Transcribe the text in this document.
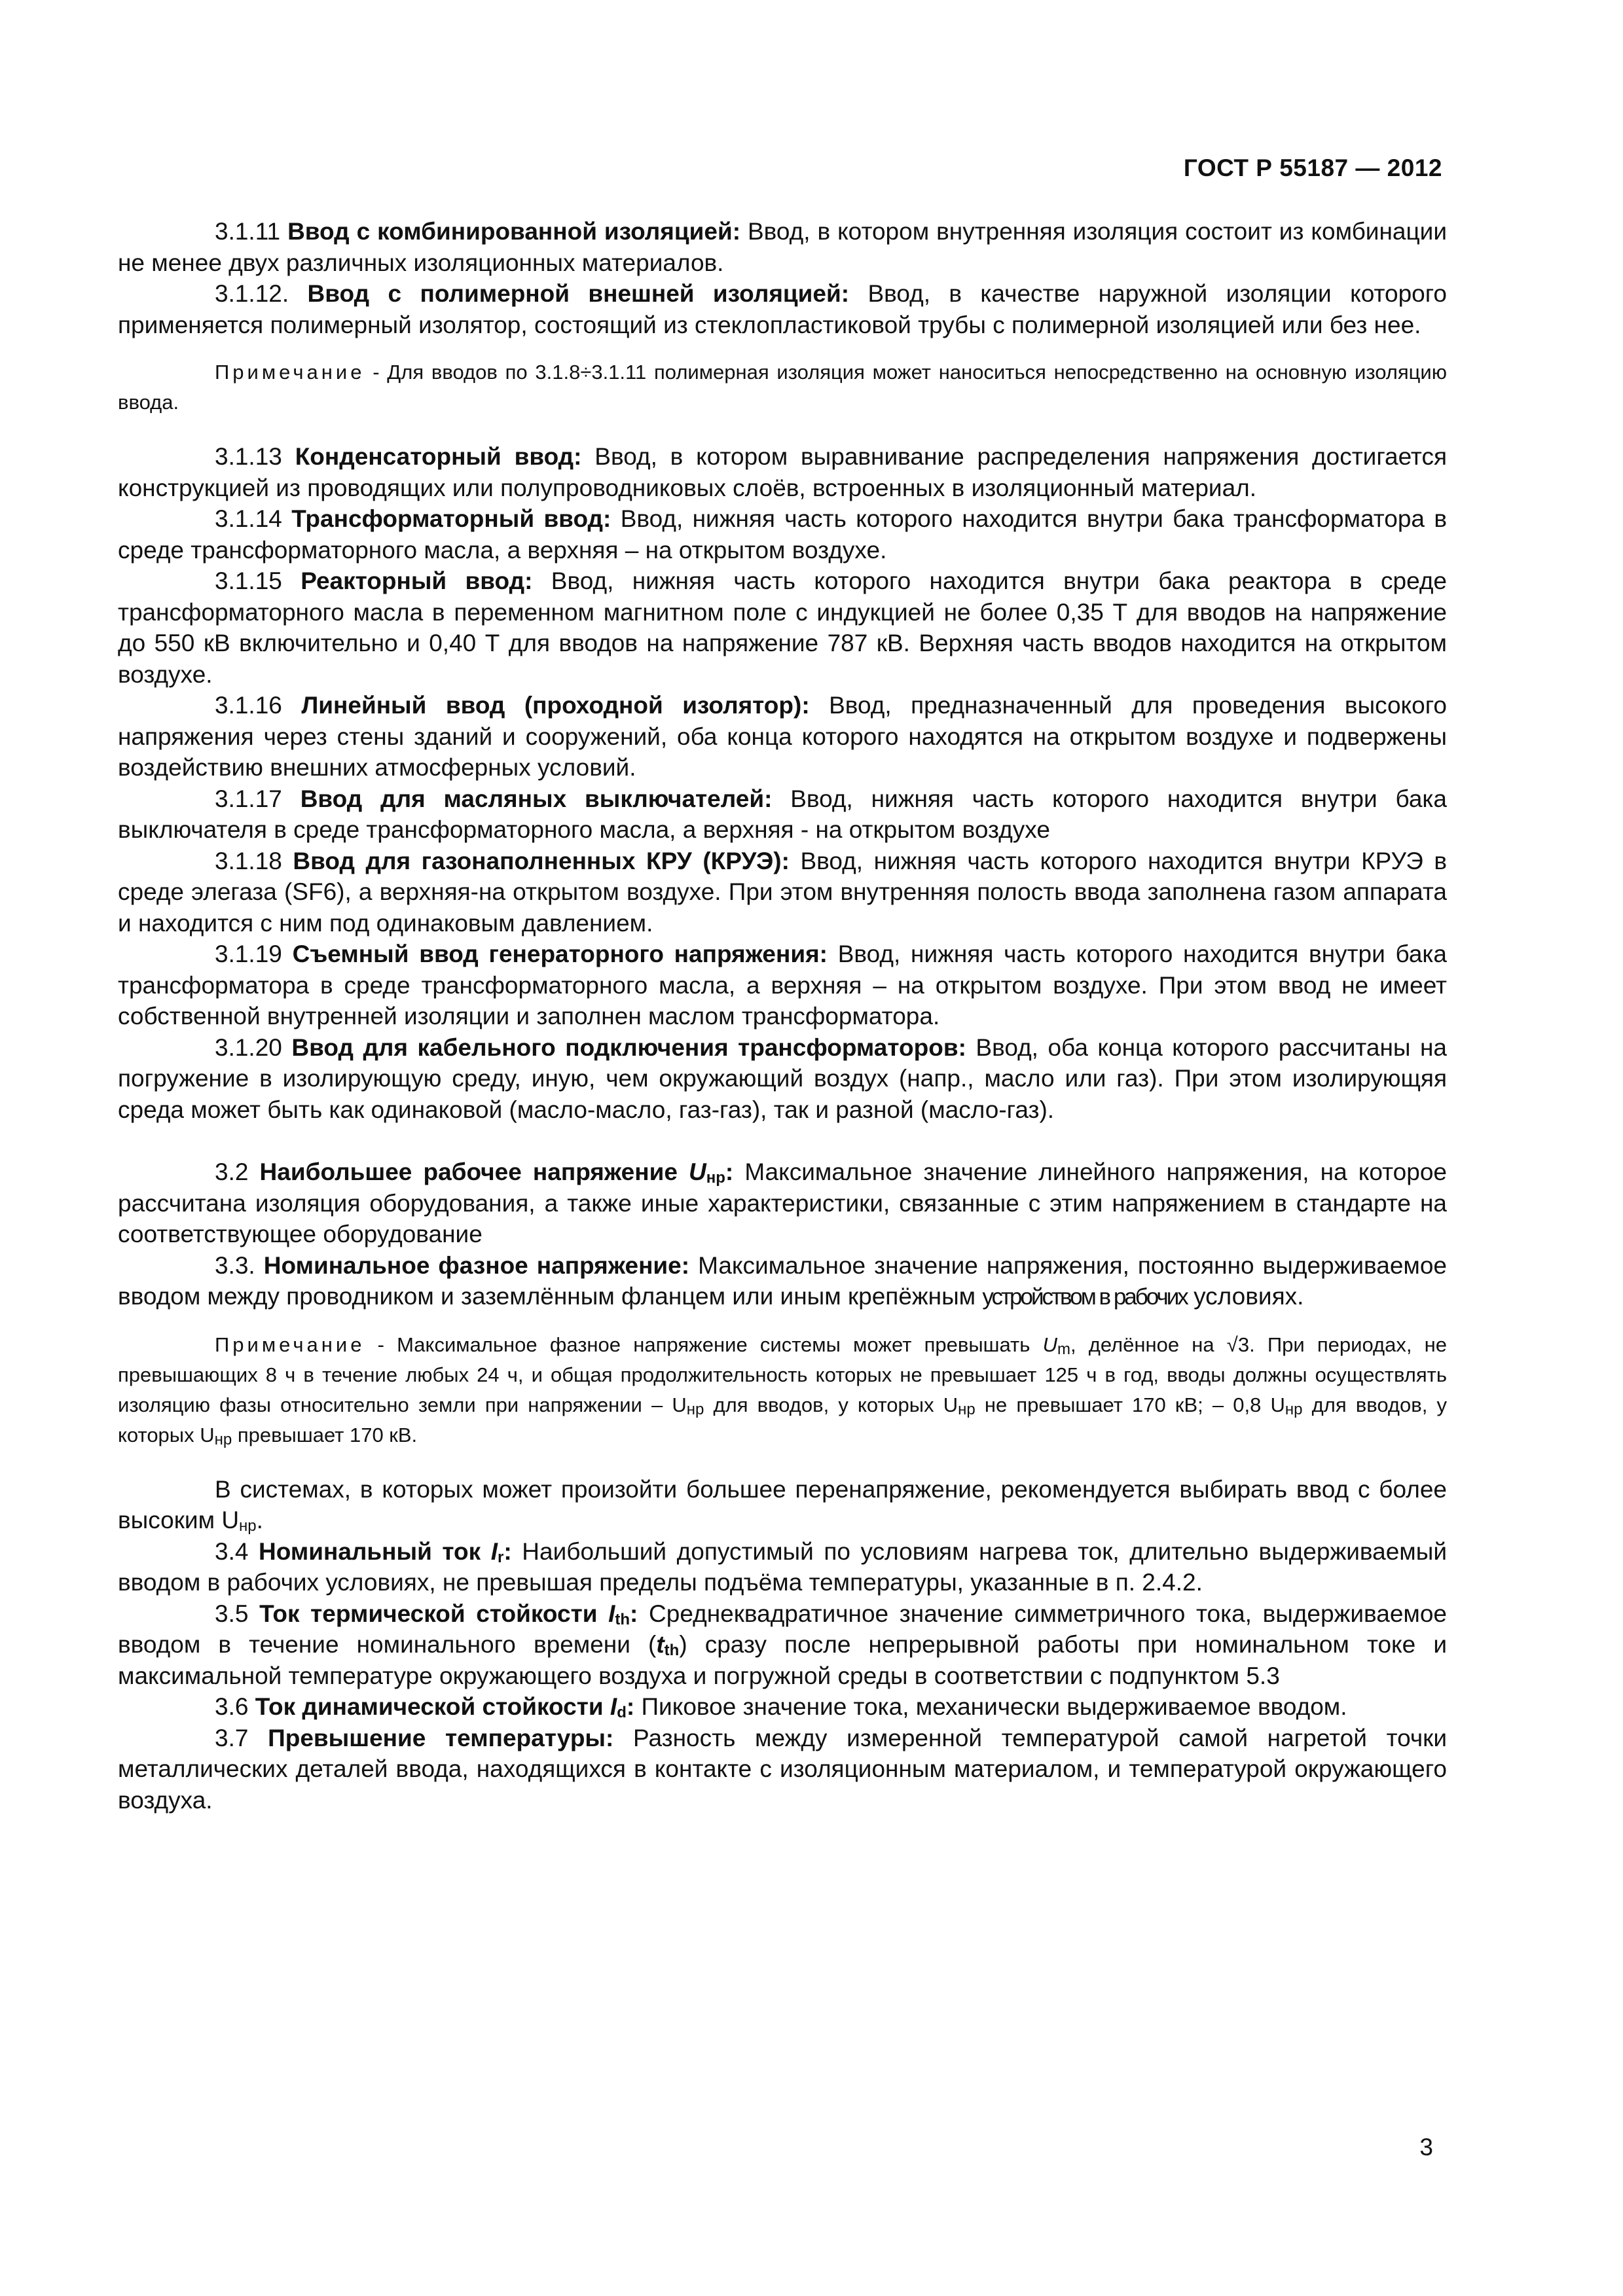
ГОСТ Р 55187 — 2012

3.1.11 Ввод с комбинированной изоляцией: Ввод, в котором внутренняя изоляция состоит из комбинации не менее двух различных изоляционных материалов.

3.1.12. Ввод с полимерной внешней изоляцией: Ввод, в качестве наружной изоляции которого применяется полимерный изолятор, состоящий из стеклопластиковой трубы с полимерной изоляцией или без нее.

Примечание - Для вводов по 3.1.8÷3.1.11 полимерная изоляция может наноситься непосредственно на основную изоляцию ввода.

3.1.13 Конденсаторный ввод: Ввод, в котором выравнивание распределения напряжения достигается конструкцией из проводящих или полупроводниковых слоёв, встроенных в изоляционный материал.

3.1.14 Трансформаторный ввод: Ввод, нижняя часть которого находится внутри бака трансформатора в среде трансформаторного масла, а верхняя – на открытом воздухе.

3.1.15 Реакторный ввод: Ввод, нижняя часть которого находится внутри бака реактора в среде трансформаторного масла в переменном магнитном поле с индукцией не более 0,35 Т для вводов на напряжение до 550 кВ включительно и 0,40 Т для вводов на напряжение 787 кВ. Верхняя часть вводов находится на открытом воздухе.

3.1.16 Линейный ввод (проходной изолятор): Ввод, предназначенный для проведения высокого напряжения через стены зданий и сооружений, оба конца которого находятся на открытом воздухе и подвержены воздействию внешних атмосферных условий.

3.1.17 Ввод для масляных выключателей: Ввод, нижняя часть которого находится внутри бака выключателя в среде трансформаторного масла, а верхняя - на открытом воздухе

3.1.18 Ввод для газонаполненных КРУ (КРУЭ): Ввод, нижняя часть которого находится внутри КРУЭ в среде элегаза (SF6), а верхняя-на открытом воздухе. При этом внутренняя полость ввода заполнена газом аппарата и находится с ним под одинаковым давлением.

3.1.19 Съемный ввод генераторного напряжения: Ввод, нижняя часть которого находится внутри бака трансформатора в среде трансформаторного масла, а верхняя – на открытом воздухе. При этом ввод не имеет собственной внутренней изоляции и заполнен маслом трансформатора.

3.1.20 Ввод для кабельного подключения трансформаторов: Ввод, оба конца которого рассчитаны на погружение в изолирующую среду, иную, чем окружающий воздух (напр., масло или газ). При этом изолирующяя среда может быть как одинаковой (масло-масло, газ-газ), так и разной (масло-газ).

3.2 Наибольшее рабочее напряжение $U_{нр}$: Максимальное значение линейного напряжения, на которое рассчитана изоляция оборудования, а также иные характеристики, связанные с этим напряжением в стандарте на соответствующее оборудование

3.3. Номинальное фазное напряжение: Максимальное значение напряжения, постоянно выдерживаемое вводом между проводником и заземлённым фланцем или иным крепёжным устройством в рабочих условиях.

Примечание - Максимальное фазное напряжение системы может превышать $U_m$, делённое на √3. При периодах, не превышающих 8 ч в течение любых 24 ч, и общая продолжительность которых не превышает 125 ч в год, вводы должны осуществлять изоляцию фазы относительно земли при напряжении – $U_{нр}$ для вводов, у которых $U_{нр}$ не превышает 170 кВ; – 0,8 $U_{нр}$ для вводов, у которых $U_{нр}$ превышает 170 кВ.

В системах, в которых может произойти большее перенапряжение, рекомендуется выбирать ввод с более высоким $U_{нр}$.

3.4 Номинальный ток $I_r$: Наибольший допустимый по условиям нагрева ток, длительно выдерживаемый вводом в рабочих условиях, не превышая пределы подъёма температуры, указанные в п. 2.4.2.

3.5 Ток термической стойкости $I_{th}$: Среднеквадратичное значение симметричного тока, выдерживаемое вводом в течение номинального времени $(t_{th})$ сразу после непрерывной работы при номинальном токе и максимальной температуре окружающего воздуха и погружной среды в соответствии с подпунктом 5.3

3.6 Ток динамической стойкости $I_d$: Пиковое значение тока, механически выдерживаемое вводом.

3.7 Превышение температуры: Разность между измеренной температурой самой нагретой точки металлических деталей ввода, находящихся в контакте с изоляционным материалом, и температурой окружающего воздуха.

3
